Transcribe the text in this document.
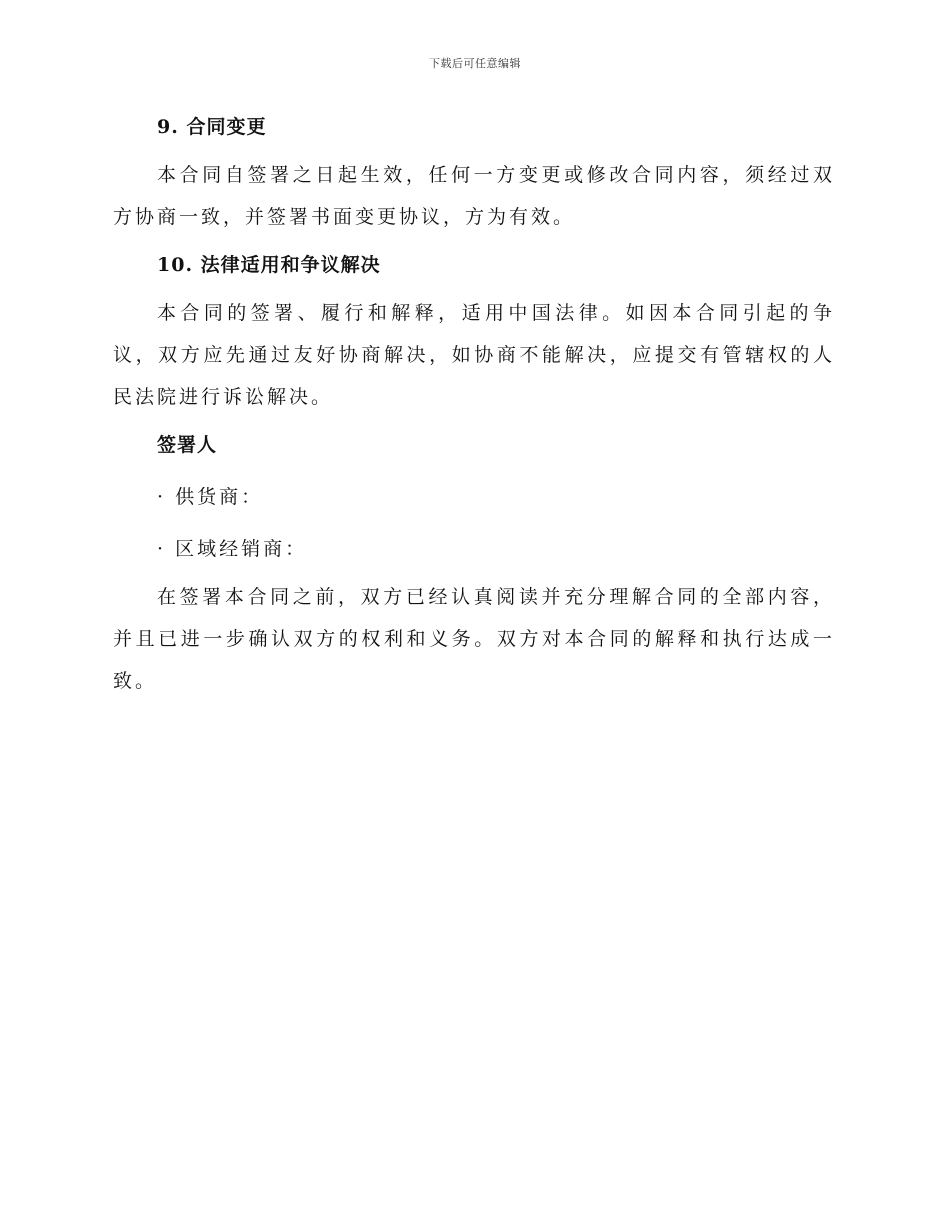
下载后可任意编辑
9. 合同变更

本合同自签署之日起生效，任何一方变更或修改合同内容，须经过双方协商一致，并签署书面变更协议，方为有效。

10. 法律适用和争议解决

本合同的签署、履行和解释，适用中国法律。如因本合同引起的争议，双方应先通过友好协商解决，如协商不能解决，应提交有管辖权的人民法院进行诉讼解决。

签署人

· 供货商：

· 区域经销商：

在签署本合同之前，双方已经认真阅读并充分理解合同的全部内容，并且已进一步确认双方的权利和义务。双方对本合同的解释和执行达成一致。
